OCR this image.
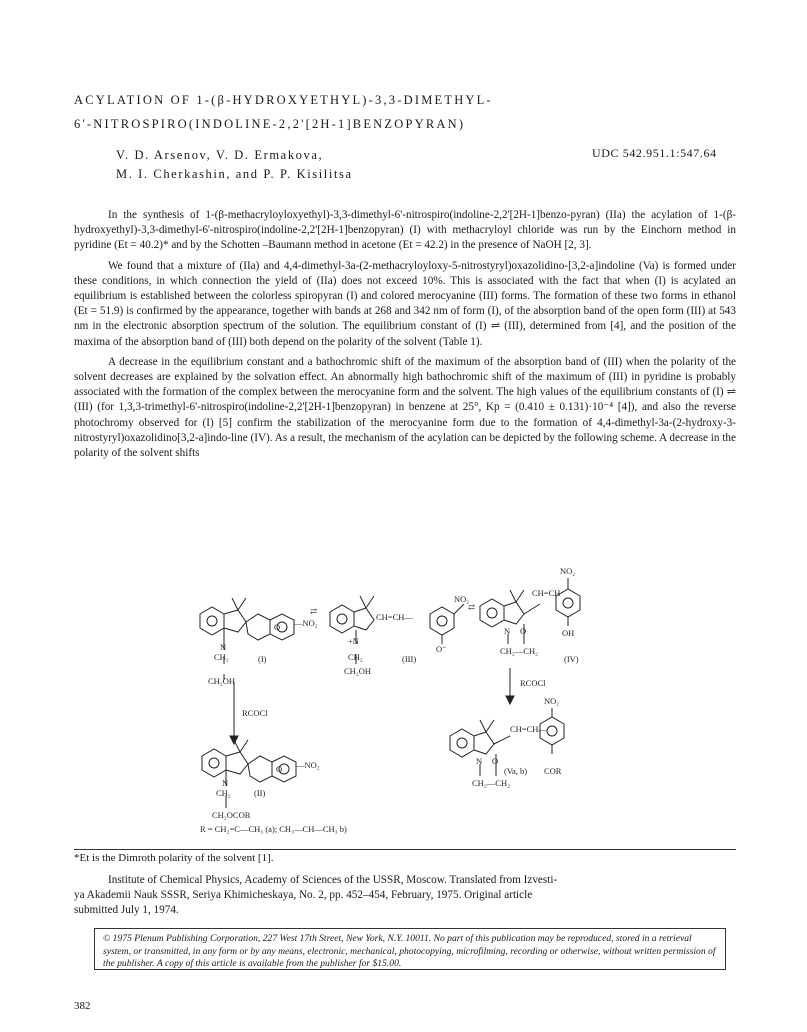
ACYLATION OF 1-(β-HYDROXYETHYL)-3,3-DIMETHYL-
6'-NITROSPIRO(INDOLINE-2,2'[2H-1]BENZOPYRAN)
V. D. Arsenov, V. D. Ermakova,
M. I. Cherkashin, and P. P. Kisilitsa
UDC 542.951.1:547.64

In the synthesis of 1-(β-methacryloyloxyethyl)-3,3-dimethyl-6'-nitrospiro(indoline-2,2'[2H-1]benzo-pyran) (IIa) the acylation of 1-(β-hydroxyethyl)-3,3-dimethyl-6'-nitrospiro(indoline-2,2'[2H-1]benzopyran) (I) with methacryloyl chloride was run by the Einchorn method in pyridine (Et = 40.2)* and by the Schotten –Baumann method in acetone (Et = 42.2) in the presence of NaOH [2, 3].

We found that a mixture of (IIa) and 4,4-dimethyl-3a-(2-methacryloyloxy-5-nitrostyryl)oxazolidino-[3,2-a]indoline (Va) is formed under these conditions, in which connection the yield of (IIa) does not exceed 10%. This is associated with the fact that when (I) is acylated an equilibrium is established between the colorless spiropyran (I) and colored merocyanine (III) forms. The formation of these two forms in ethanol (Et = 51.9) is confirmed by the appearance, together with bands at 268 and 342 nm of form (I), of the absorption band of the open form (III) at 543 nm in the electronic absorption spectrum of the solution. The equilibrium constant of (I) ⇌ (III), determined from [4], and the position of the maxima of the absorption band of (III) both depend on the polarity of the solvent (Table 1).

A decrease in the equilibrium constant and a bathochromic shift of the maximum of the absorption band of (III) when the polarity of the solvent decreases are explained by the solvation effect. An abnormally high bathochromic shift of the maximum of (III) in pyridine is probably associated with the formation of the complex between the merocyanine form and the solvent. The high values of the equilibrium constants of (I) ⇌ (III) (for 1,3,3-trimethyl-6'-nitrospiro(indoline-2,2'[2H-1]benzopyran) in benzene at 25°, Kp = (0.410 ± 0.131)·10⁻⁴ [4]), and also the reverse photochromy observed for (I) [5] confirm the stabilization of the merocyanine form due to the formation of 4,4-dimethyl-3a-(2-hydroxy-3-nitrostyryl)oxazolidino[3,2-a]indo-line (IV). As a result, the mechanism of the acylation can be depicted by the following scheme. A decrease in the polarity of the solvent shifts

—NO₂
N
O
CH₂	(I)
CH₂OH
⇄
CH=CH—
NO₂
+N
O⁻
CH₂	(III)
CH₂OH
⇄
CH=CH
NO₂
OH
N O
CH₂—CH₂
(IV)
RCOCl
RCOCl
—NO₂
N
O
CH₂	(II)
CH₂OCOR
R = CH₂=C—CH₃ (a); CH₃—CH—CH₃ b)
NO₂
CH=CH—
N O
(Va, b) COR
CH₂—CH₂
*Et is the Dimroth polarity of the solvent [1].
Institute of Chemical Physics, Academy of Sciences of the USSR, Moscow. Translated from Izvesti-
ya Akademii Nauk SSSR, Seriya Khimicheskaya, No. 2, pp. 452–454, February, 1975. Original article
submitted July 1, 1974.
© 1975 Plenum Publishing Corporation, 227 West 17th Street, New York, N.Y. 10011. No part of this publication may be reproduced, stored in a retrieval system, or transmitted, in any form or by any means, electronic, mechanical, photocopying, microfilming, recording or otherwise, without written permission of the publisher. A copy of this article is available from the publisher for $15.00.
382
